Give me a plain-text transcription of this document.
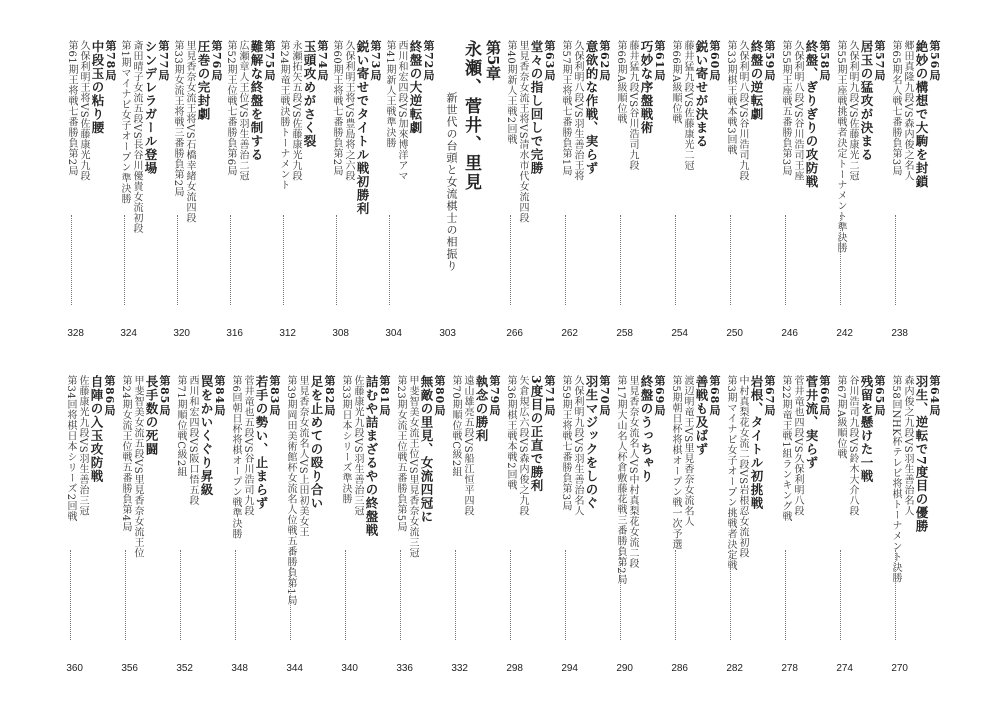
第56局
絶妙の構想で大駒を封鎖
郷田真隆九段VS森内俊之名人
第65期名人戦七番勝負第3局
238
第57局
居玉の猛攻が決まる
久保利明九段VS佐藤康光二冠
第55期王座戦挑戦者決定トーナメント準決勝
242
第58局
終盤、ぎりぎりの攻防戦
久保利明八段VS谷川浩司王座
第55期王座戦五番勝負第3局
246
第59局
終盤の逆転劇
久保利明八段VS谷川浩司九段
第33期棋王戦本戦3回戦
250
第60局
鋭い寄せが決まる
藤井猛九段VS佐藤康光二冠
第66期A級順位戦
254
第61局
巧妙な序盤戦術
藤井猛九段VS谷川浩司九段
第66期A級順位戦
258
第62局
意欲的な作戦、実らず
久保利明八段VS羽生善治王将
第57期王将戦七番勝負第1局
262
第63局
堂々の指し回しで完勝
里見香奈女流王将VS清水市代女流四段
第40期新人王戦2回戦
266
第5章
永瀬、菅井、里見
新世代の台頭と女流棋士の相振り
303
第72局
終盤の大逆転劇
西川和宏四段VS加來博洋アマ
第41期新人王戦準決勝
304
第73局
鋭い寄せでタイトル戦初勝利
久保利明王将VS豊島将之六段
第60期王将戦七番勝負第2局
308
第74局
玉頭攻めがさく裂
永瀬拓矢五段VS佐藤康光九段
第24期竜王戦決勝トーナメント
312
第75局
難解な終盤を制する
広瀬章人王位VS羽生善治二冠
第52期王位戦七番勝負第6局
316
第76局
圧巻の完封劇
里見香奈女流王将VS石橋幸緒女流四段
第33期女流王将戦三番勝負第2局
320
第77局
シンデレラガール登場
斎田晴子女流五段VS長谷川優貴女流初段
第1期マイナビ女子オープン準決勝
324
第78局
中段玉の粘り腰
久保利明王将VS佐藤康光九段
第61期王将戦七番勝負第2局
328
第64局
羽生、逆転で7度目の優勝
森内俊之九段VS羽生善治名人
第58回NHK杯テレビ将棋トーナメント決勝
270
第65局
残留を懸けた一戦
谷川浩司九段VS鈴木大介八段
第67期A級順位戦
274
第66局
菅井流、実らず
菅井竜也四段VS久保利明八段
第22期竜王戦1組ランキング戦
278
第67局
岩根、タイトル初挑戦
中村真梨花女流二段VS岩根忍女流初段
第3期マイナビ女子オープン挑戦者決定戦
282
第68局
善戦も及ばず
渡辺明竜王VS里見香奈女流名人
第5期朝日杯将棋オープン戦一次予選
286
第69局
終盤のうっちゃり
里見香奈女流名人VS中村真梨花女流二段
第17期大山名人杯倉敷藤花戦三番勝負第2局
290
第70局
羽生マジックをしのぐ
久保利明九段VS羽生善治名人
第59期王将戦七番勝負第3局
294
第71局
3度目の正直で勝利
矢倉規広六段VS森内俊之九段
第36期棋王戦本戦2回戦
298
第79局
執念の勝利
遠山雄亮五段VS船江恒平四段
第70期順位戦C級2組
332
第80局
無敵の里見、女流四冠に
甲斐智美女流王位VS里見香奈女流三冠
第23期女流王位戦五番勝負第5局
336
第81局
詰むや詰まざるやの終盤戦
佐藤康光九段VS羽生善治三冠
第33期日本シリーズ準決勝
340
第82局
足を止めての殴り合い
里見香奈女流名人VS上田初美女王
第39期岡田美術館杯女流名人位戦五番勝負第1局
344
第83局
若手の勢い、止まらず
菅井竜也五段VS谷川浩司九段
第6回朝日杯将棋オープン戦準決勝
348
第84局
罠をかいくぐり昇級
西川和宏四段VS阪口悟五段
第71期順位戦C級2組
352
第85局
長手数の死闘
甲斐智美女流五段VS里見香奈女流王位
第24期女流王位戦五番勝負第4局
356
第86局
自陣の入玉攻防戦
佐藤康光九段VS羽生善治三冠
第34回将棋日本シリーズ2回戦
360
